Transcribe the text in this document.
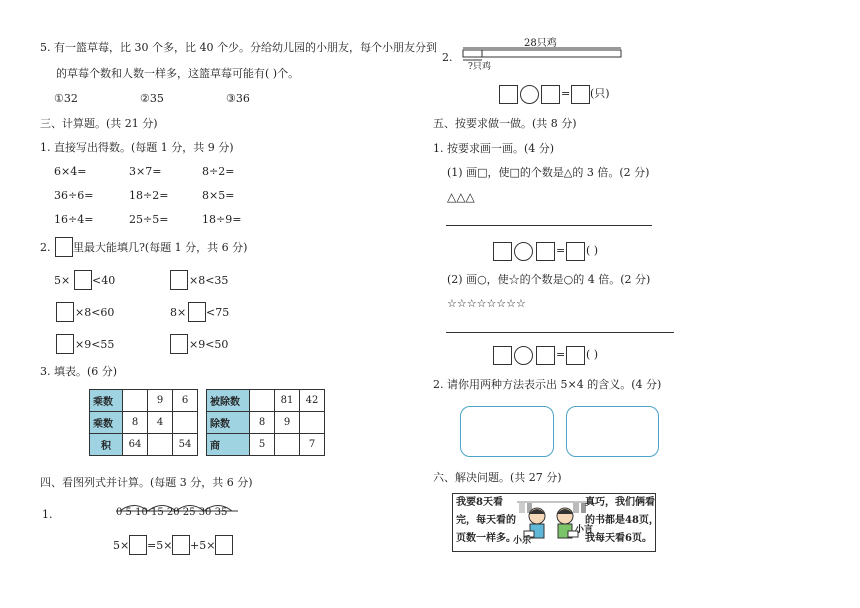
5. 有一篮草莓，比 30 个多，比 40 个少。分给幼儿园的小朋友，每个小朋友分到
的草莓个数和人数一样多，这篮草莓可能有( )个。
①32	②35	③36
三、计算题。(共 21 分)
1. 直接写出得数。(每题 1 分，共 9 分)
6×4=	3×7=	8÷2=
36÷6=	18÷2=	8×5=
16÷4=	25÷5=	18÷9=
2. 里最大能填几?(每题 1 分，共 6 分)
5× <40	×8<35
×8<60	8× <75
×9<55	×9<50
3. 填表。(6 分)
乘数		9	6
乘数	8	4	
积	64		54
被除数		81	42
除数	8	9	
商	5		7
四、看图列式并计算。(每题 3 分，共 6 分)
1.	0 5 10 15 20 25 30 35
5× =5× +5×
2.
28只鸡
?只鸡
= (只)
五、按要求做一做。(共 8 分)
1. 按要求画一画。(4 分)
(1) 画□，使□的个数是△的 3 倍。(2 分)
△△△
= ( )
(2) 画○，使☆的个数是○的 4 倍。(2 分)
☆☆☆☆☆☆☆☆
= ( )
2. 请你用两种方法表示出 5×4 的含义。(4 分)
六、解决问题。(共 27 分)
我要8天看
完，每天看的
页数一样多。
小乐
小言
真巧，我们俩看
的书都是48页，
我每天看6页。
